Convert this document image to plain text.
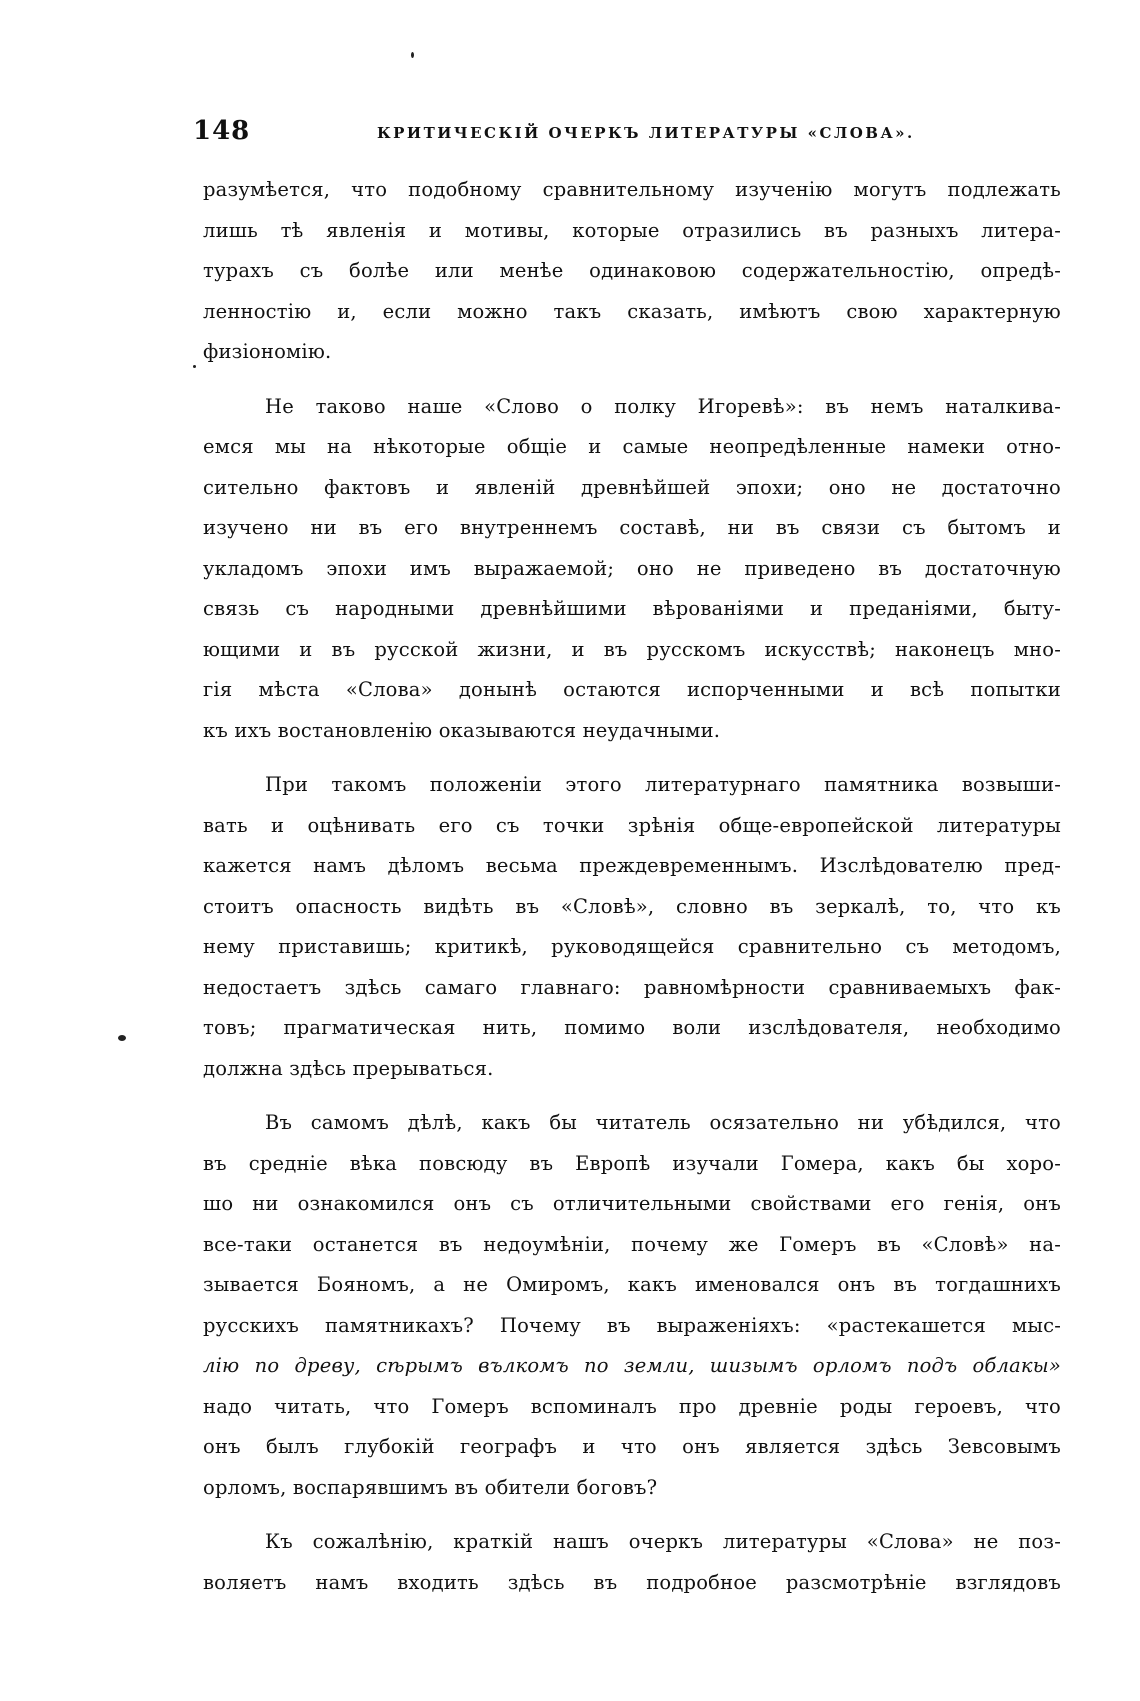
148	КРИТИЧЕСКІЙ ОЧЕРКЪ ЛИТЕРАТУРЫ «СЛОВА».
разумѣется, что подобному сравнительному изученію могутъ подлежать
лишь тѣ явленія и мотивы, которые отразились въ разныхъ литера-
турахъ съ болѣе или менѣе одинаковою содержательностію, опредѣ-
ленностію и, если можно такъ сказать, имѣютъ свою характерную
физіономію.
Не таково наше «Слово о полку Игоревѣ»: въ немъ наталкива-
емся мы на нѣкоторые общіе и самые неопредѣленные намеки отно-
сительно фактовъ и явленій древнѣйшей эпохи; оно не достаточно
изучено ни въ его внутреннемъ составѣ, ни въ связи съ бытомъ и
укладомъ эпохи имъ выражаемой; оно не приведено въ достаточную
связь съ народными древнѣйшими вѣрованіями и преданіями, быту-
ющими и въ русской жизни, и въ русскомъ искусствѣ; наконецъ мно-
гія мѣста «Слова» донынѣ остаются испорченными и всѣ попытки
къ ихъ востановленію оказываются неудачными.
При такомъ положеніи этого литературнаго памятника возвыши-
вать и оцѣнивать его съ точки зрѣнія обще-европейской литературы
кажется намъ дѣломъ весьма преждевременнымъ. Изслѣдователю пред-
стоитъ опасность видѣть въ «Словѣ», словно въ зеркалѣ, то, что къ
нему приставишь; критикѣ, руководящейся сравнительно съ методомъ,
недостаетъ здѣсь самаго главнаго: равномѣрности сравниваемыхъ фак-
товъ; прагматическая нить, помимо воли изслѣдователя, необходимо
должна здѣсь прерываться.
Въ самомъ дѣлѣ, какъ бы читатель осязательно ни убѣдился, что
въ средніе вѣка повсюду въ Европѣ изучали Гомера, какъ бы хоро-
шо ни ознакомился онъ съ отличительными свойствами его генія, онъ
все-таки останется въ недоумѣніи, почему же Гомеръ въ «Словѣ» на-
зывается Бояномъ, а не Омиромъ, какъ именовался онъ въ тогдашнихъ
русскихъ памятникахъ? Почему въ выраженіяхъ: «растекашется мыс-
лію по древу, сѣрымъ вълкомъ по земли, шизымъ орломъ подъ облакы»
надо читать, что Гомеръ вспоминалъ про древніе роды героевъ, что
онъ былъ глубокій географъ и что онъ является здѣсь Зевсовымъ
орломъ, воспарявшимъ въ обители боговъ?
Къ сожалѣнію, краткій нашъ очеркъ литературы «Слова» не поз-
воляетъ намъ входить здѣсь въ подробное разсмотрѣніе взглядовъ
